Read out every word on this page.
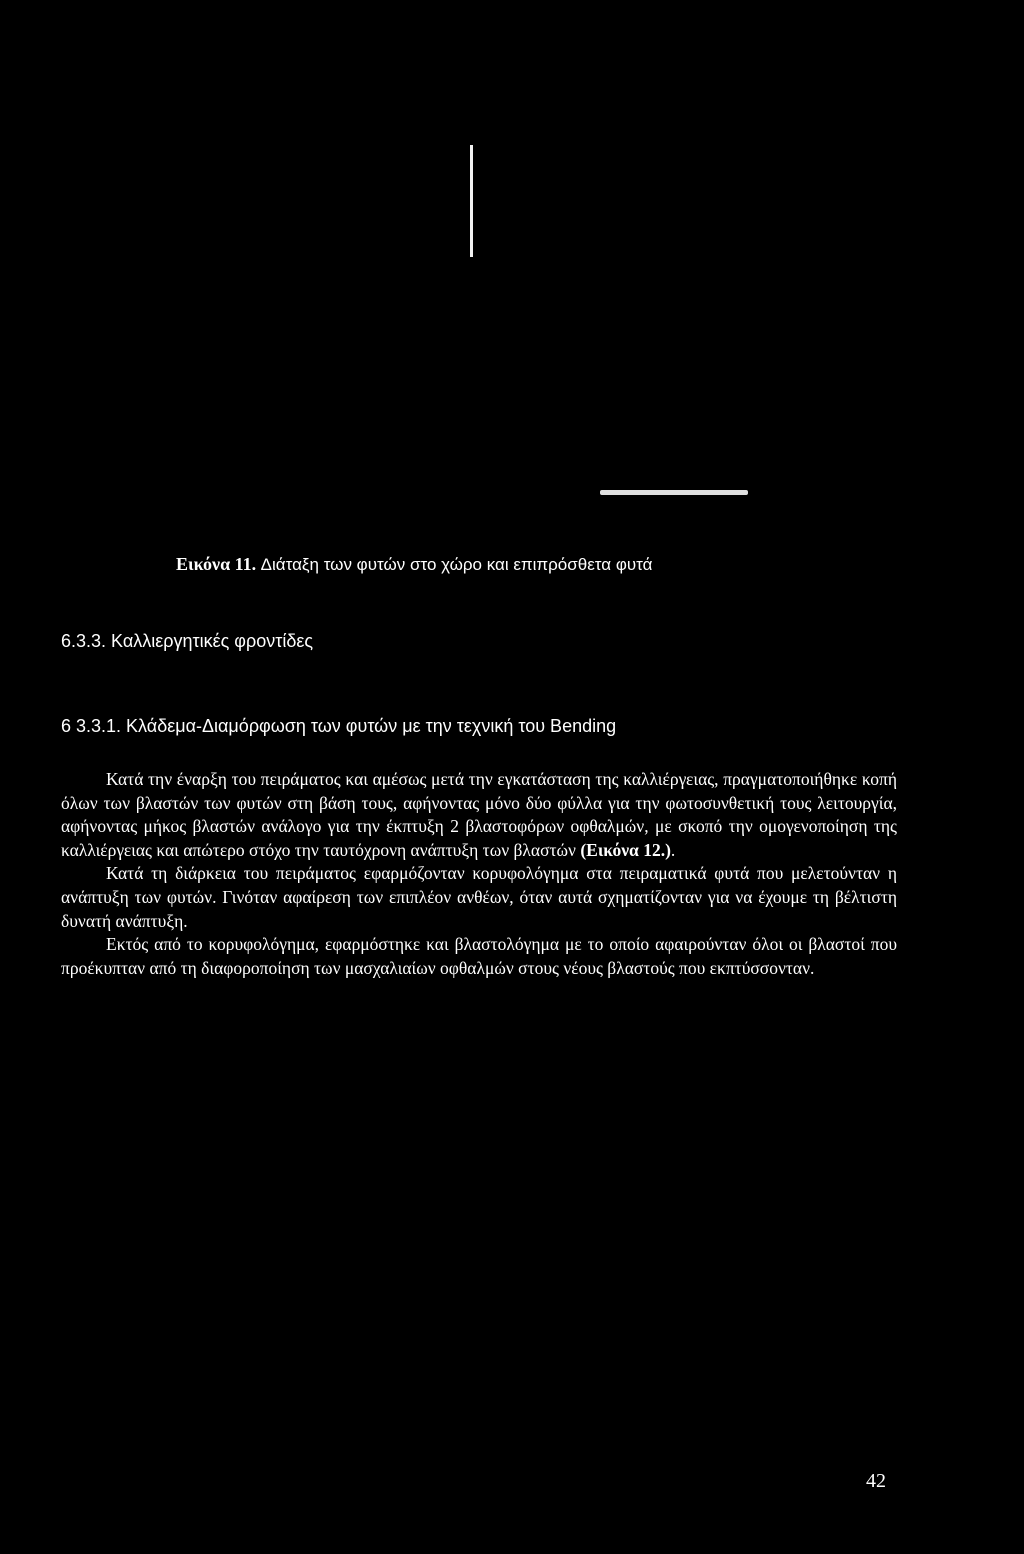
Εικόνα 11. Διάταξη των φυτών στο χώρο και επιπρόσθετα φυτά
6.3.3. Καλλιεργητικές φροντίδες
6 3.3.1. Κλάδεμα-Διαμόρφωση των φυτών με την τεχνική του Bending

Κατά την έναρξη του πειράματος και αμέσως μετά την εγκατάσταση της καλλιέργειας, πραγματοποιήθηκε κοπή όλων των βλαστών των φυτών στη βάση τους, αφήνοντας μόνο δύο φύλλα για την φωτοσυνθετική τους λειτουργία, αφήνοντας μήκος βλαστών ανάλογο για την έκπτυξη 2 βλαστοφόρων οφθαλμών, με σκοπό την ομογενοποίηση της καλλιέργειας και απώτερο στόχο την ταυτόχρονη ανάπτυξη των βλαστών (Εικόνα 12.).

Κατά τη διάρκεια του πειράματος εφαρμόζονταν κορυφολόγημα στα πειραματικά φυτά που μελετούνταν η ανάπτυξη των φυτών. Γινόταν αφαίρεση των επιπλέον ανθέων, όταν αυτά σχηματίζονταν για να έχουμε τη βέλτιστη δυνατή ανάπτυξη.

Εκτός από το κορυφολόγημα, εφαρμόστηκε και βλαστολόγημα με το οποίο αφαιρούνταν όλοι οι βλαστοί που προέκυπταν από τη διαφοροποίηση των μασχαλιαίων οφθαλμών στους νέους βλαστούς που εκπτύσσονταν.

42
